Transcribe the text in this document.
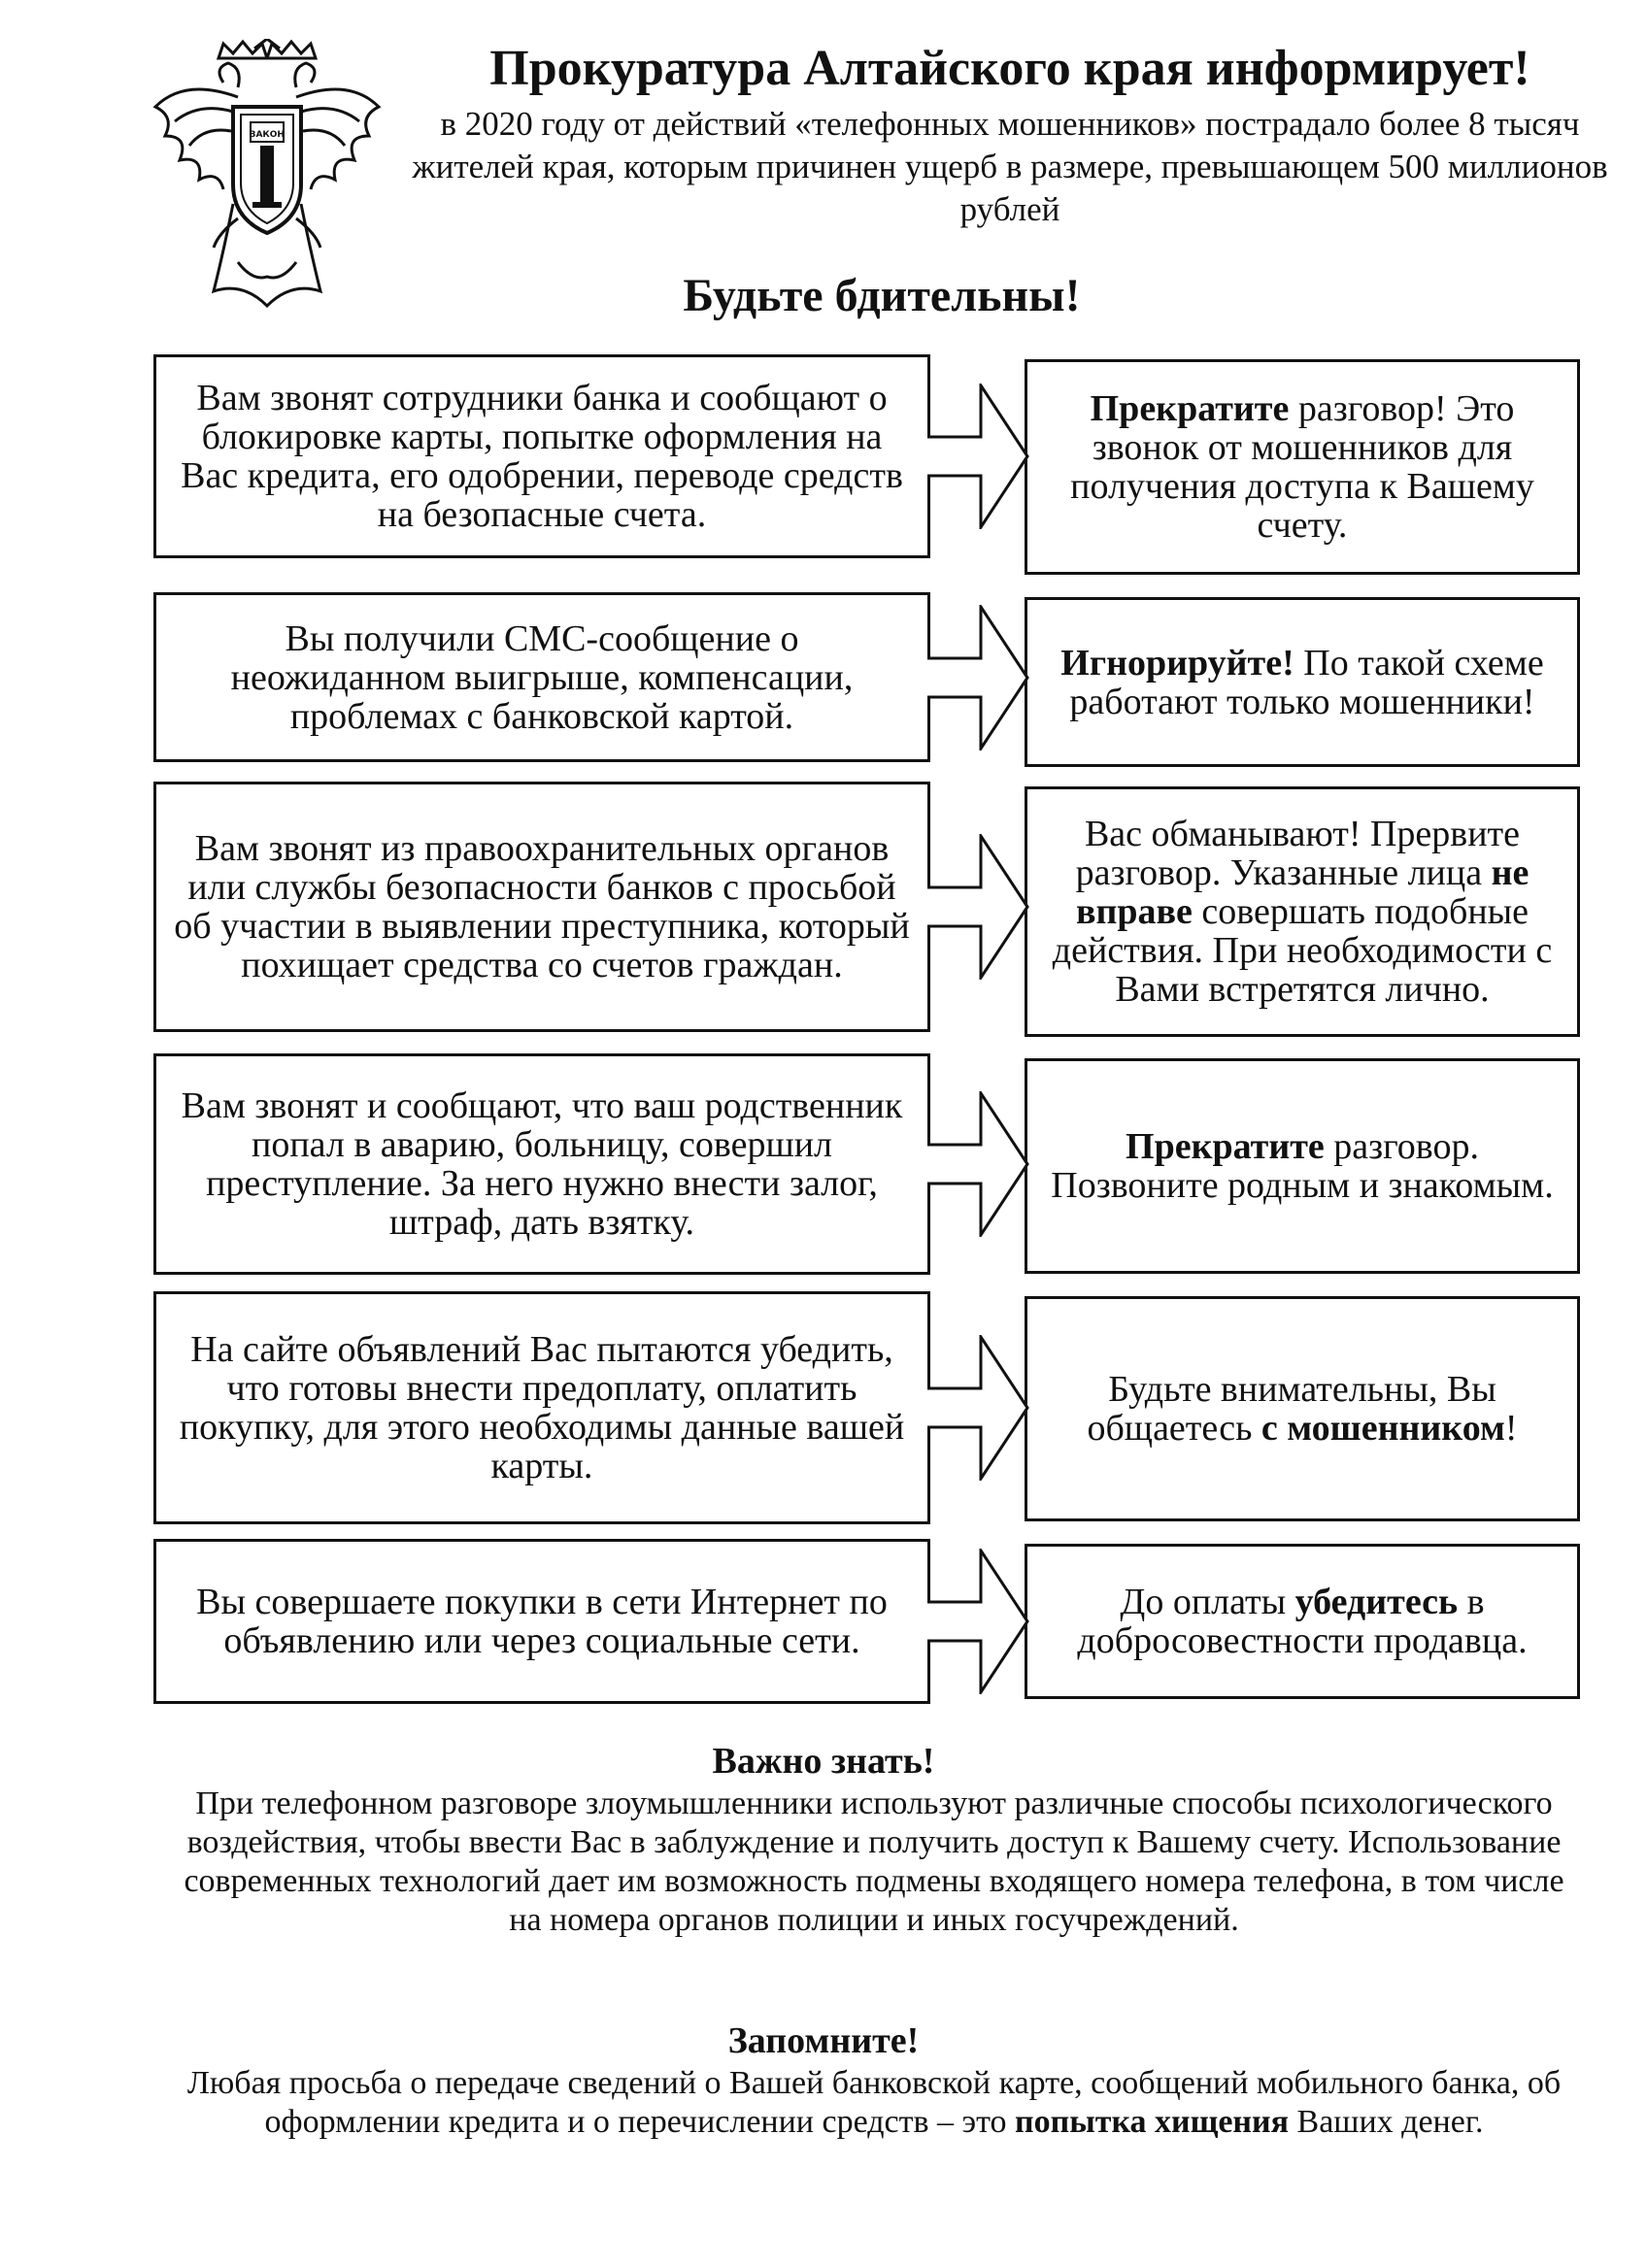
ЗАКОН
Прокуратура Алтайского края информирует!
в 2020 году от действий «телефонных мошенников» пострадало более 8 тысяч жителей края, которым причинен ущерб в размере, превышающем 500 миллионов рублей
Будьте бдительны!
Вам звонят сотрудники банка и сообщают о блокировке карты, попытке оформления на Вас кредита, его одобрении, переводе средств на безопасные счета.
Прекратите разговор! Это звонок от мошенников для получения доступа к Вашему счету.
Вы получили СМС-сообщение о неожиданном выигрыше, компенсации, проблемах с банковской картой.
Игнорируйте! По такой схеме работают только мошенники!
Вам звонят из правоохранительных органов или службы безопасности банков с просьбой об участии в выявлении преступника, который похищает средства со счетов граждан.
Вас обманывают! Прервите разговор. Указанные лица не вправе совершать подобные действия. При необходимости с Вами встретятся лично.
Вам звонят и сообщают, что ваш родственник попал в аварию, больницу, совершил преступление. За него нужно внести залог, штраф, дать взятку.
Прекратите разговор. Позвоните родным и знакомым.
На сайте объявлений Вас пытаются убедить, что готовы внести предоплату, оплатить покупку, для этого необходимы данные вашей карты.
Будьте внимательны, Вы общаетесь с мошенником!
Вы совершаете покупки в сети Интернет по объявлению или через социальные сети.
До оплаты убедитесь в добросовестности продавца.
Важно знать!
При телефонном разговоре злоумышленники используют различные способы психологического воздействия, чтобы ввести Вас в заблуждение и получить доступ к Вашему счету. Использование современных технологий дает им возможность подмены входящего номера телефона, в том числе на номера органов полиции и иных госучреждений.
Запомните!
Любая просьба о передаче сведений о Вашей банковской карте, сообщений мобильного банка, об оформлении кредита и о перечислении средств – это попытка хищения Ваших денег.
